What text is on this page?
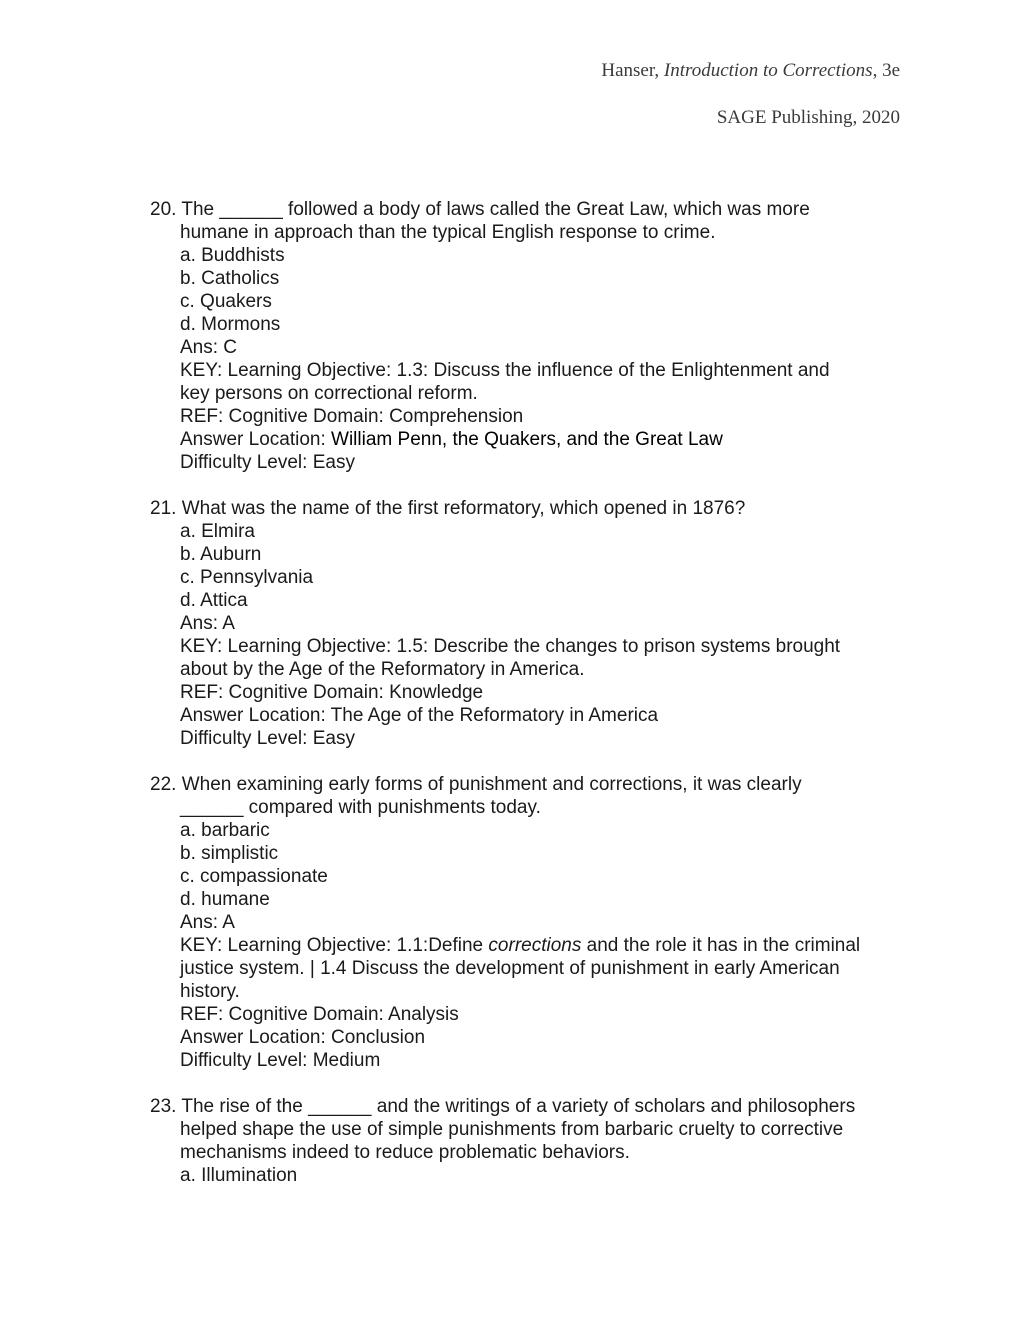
Hanser, Introduction to Corrections, 3e

SAGE Publishing, 2020

20. The ______ followed a body of laws called the Great Law, which was more

humane in approach than the typical English response to crime.

a. Buddhists

b. Catholics

c. Quakers

d. Mormons

Ans: C

KEY: Learning Objective: 1.3: Discuss the influence of the Enlightenment and

key persons on correctional reform.

REF: Cognitive Domain: Comprehension

Answer Location: William Penn, the Quakers, and the Great Law

Difficulty Level: Easy

21. What was the name of the first reformatory, which opened in 1876?

a. Elmira

b. Auburn

c. Pennsylvania

d. Attica

Ans: A

KEY: Learning Objective: 1.5: Describe the changes to prison systems brought

about by the Age of the Reformatory in America.

REF: Cognitive Domain: Knowledge

Answer Location: The Age of the Reformatory in America

Difficulty Level: Easy

22. When examining early forms of punishment and corrections, it was clearly

______ compared with punishments today.

a. barbaric

b. simplistic

c. compassionate

d. humane

Ans: A

KEY: Learning Objective: 1.1:Define corrections and the role it has in the criminal

justice system. | 1.4 Discuss the development of punishment in early American

history.

REF: Cognitive Domain: Analysis

Answer Location: Conclusion

Difficulty Level: Medium

23. The rise of the ______ and the writings of a variety of scholars and philosophers

helped shape the use of simple punishments from barbaric cruelty to corrective

mechanisms indeed to reduce problematic behaviors.

a. Illumination
